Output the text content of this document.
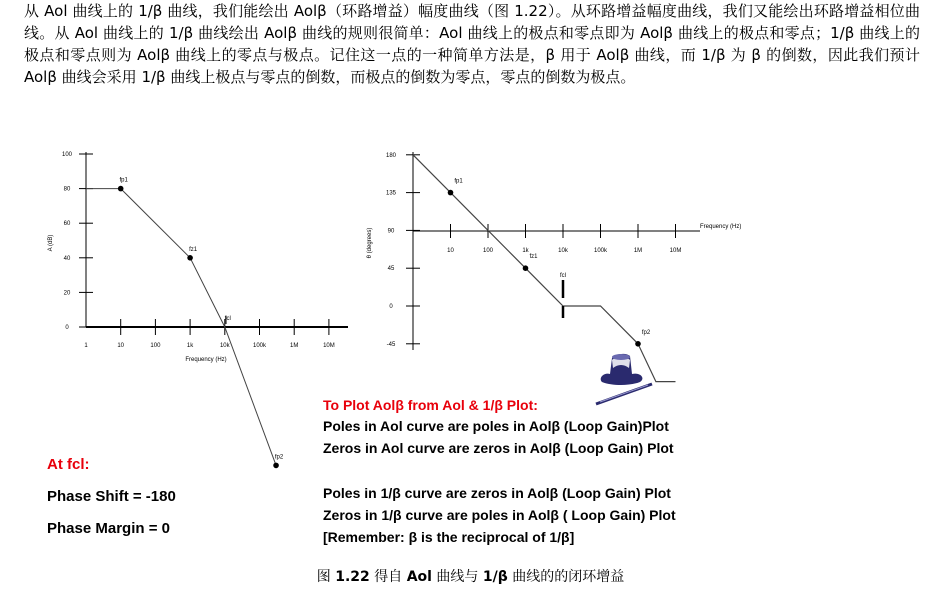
从 Aol 曲线上的 1/β 曲线，我们能绘出 Aolβ（环路增益）幅度曲线（图 1.22）。从环路增益幅度曲线，我们又能绘出环路增益相位曲线。从 Aol 曲线上的 1/β 曲线绘出 Aolβ 曲线的规则很简单：Aol 曲线上的极点和零点即为 Aolβ 曲线上的极点和零点；1/β 曲线上的极点和零点则为 Aolβ 曲线上的零点与极点。记住这一点的一种简单方法是，β 用于 Aolβ 曲线，而 1/β 为 β 的倒数，因此我们预计 Aolβ 曲线会采用 1/β 曲线上极点与零点的倒数，而极点的倒数为零点，零点的倒数为极点。

0
20
40
60
80
100
1	10	100	1k	10k	100k	1M	10M
A (dB)
Frequency (Hz)
fp1
fz1
fcl
fp2
180
135
90
45
0
-45
10	100	1k	10k	100k	1M	10M
θ (degrees)
Frequency (Hz)
fp1
fz1
fcl
fp2
To Plot Aolβ from Aol & 1/β Plot:
Poles in Aol curve are poles in Aolβ (Loop Gain)Plot
Zeros in Aol curve are zeros in Aolβ (Loop Gain) Plot
Poles in 1/β curve are zeros in Aolβ (Loop Gain) Plot
Zeros in 1/β curve are poles in Aolβ ( Loop Gain) Plot
[Remember: β is the reciprocal of 1/β]
At fcl:
Phase Shift = -180
Phase Margin = 0
图 1.22 得自 Aol 曲线与 1/β 曲线的的闭环增益
